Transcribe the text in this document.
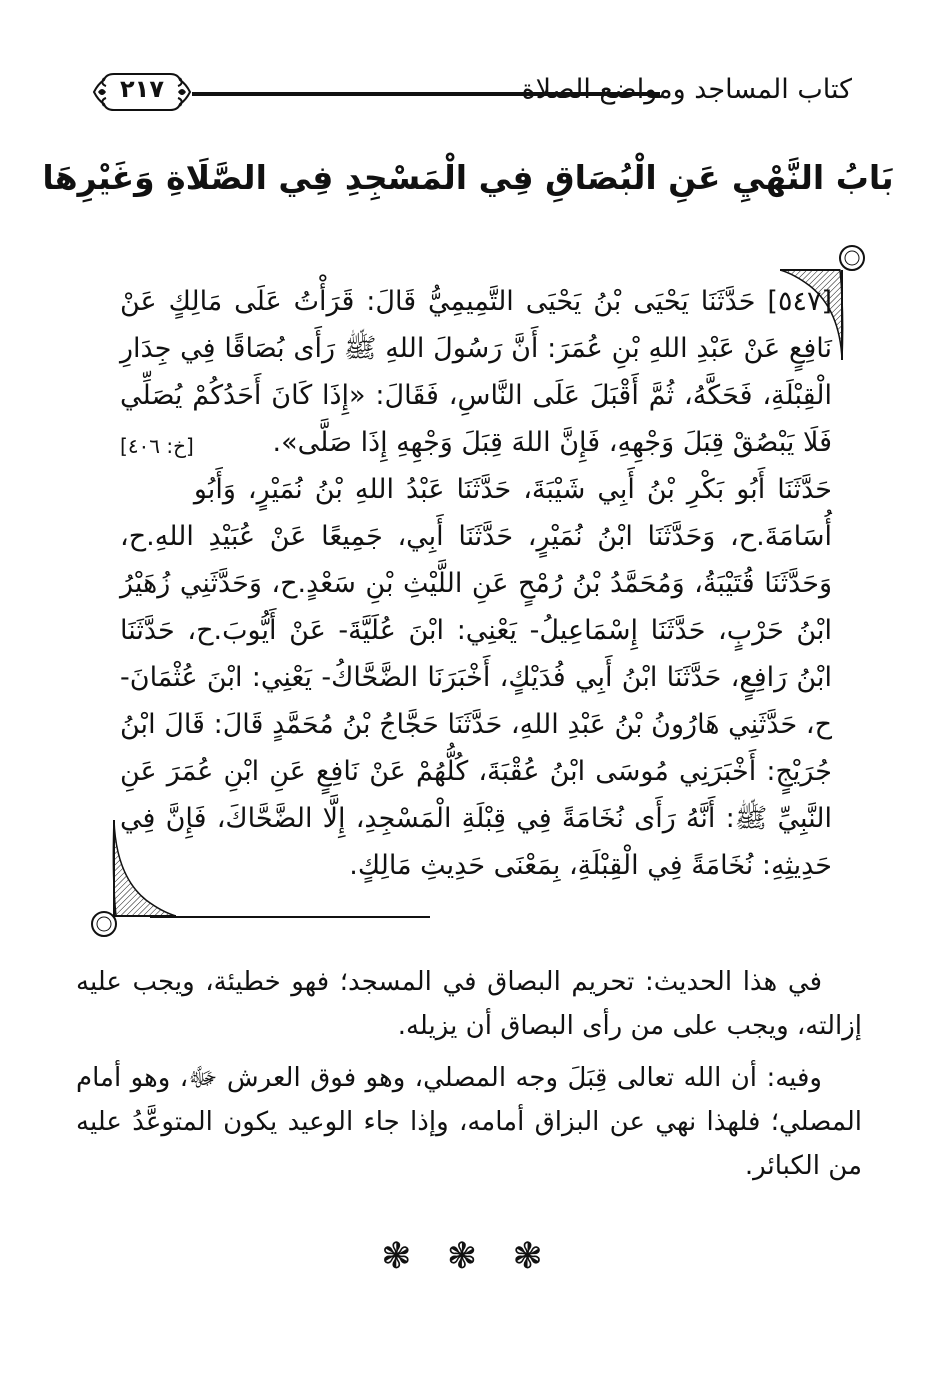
كتاب المساجد ومواضع الصلاة
٢١٧
بَابُ النَّهْيِ عَنِ الْبُصَاقِ فِي الْمَسْجِدِ فِي الصَّلَاةِ وَغَيْرِهَا

[٥٤٧] حَدَّثَنَا يَحْيَى بْنُ يَحْيَى التَّمِيمِيُّ قَالَ: قَرَأْتُ عَلَى مَالِكٍ عَنْ نَافِعٍ عَنْ عَبْدِ اللهِ بْنِ عُمَرَ: أَنَّ رَسُولَ اللهِ ﷺ رَأَى بُصَاقًا فِي جِدَارِ الْقِبْلَةِ، فَحَكَّهُ، ثُمَّ أَقْبَلَ عَلَى النَّاسِ، فَقَالَ: «إِذَا كَانَ أَحَدُكُمْ يُصَلِّي فَلَا يَبْصُقْ قِبَلَ وَجْهِهِ، فَإِنَّ اللهَ قِبَلَ وَجْهِهِ إِذَا صَلَّى».
[خ: ٤٠٦]

حَدَّثَنَا أَبُو بَكْرِ بْنُ أَبِي شَيْبَةَ، حَدَّثَنَا عَبْدُ اللهِ بْنُ نُمَيْرٍ، وَأَبُو أُسَامَةَ.ح، وَحَدَّثَنَا ابْنُ نُمَيْرٍ، حَدَّثَنَا أَبِي، جَمِيعًا عَنْ عُبَيْدِ اللهِ.ح، وَحَدَّثَنَا قُتَيْبَةُ، وَمُحَمَّدُ بْنُ رُمْحٍ عَنِ اللَّيْثِ بْنِ سَعْدٍ.ح، وَحَدَّثَنِي زُهَيْرُ ابْنُ حَرْبٍ، حَدَّثَنَا إِسْمَاعِيلُ- يَعْنِي: ابْنَ عُلَيَّةَ- عَنْ أَيُّوبَ.ح، حَدَّثَنَا ابْنُ رَافِعٍ، حَدَّثَنَا ابْنُ أَبِي فُدَيْكٍ، أَخْبَرَنَا الضَّحَّاكُ- يَعْنِي: ابْنَ عُثْمَانَ- ح، حَدَّثَنِي هَارُونُ بْنُ عَبْدِ اللهِ، حَدَّثَنَا حَجَّاجُ بْنُ مُحَمَّدٍ قَالَ: قَالَ ابْنُ جُرَيْجٍ: أَخْبَرَنِي مُوسَى ابْنُ عُقْبَةَ، كُلُّهُمْ عَنْ نَافِعٍ عَنِ ابْنِ عُمَرَ عَنِ النَّبِيِّ ﷺ: أَنَّهُ رَأَى نُخَامَةً فِي قِبْلَةِ الْمَسْجِدِ، إِلَّا الضَّحَّاكَ، فَإِنَّ فِي حَدِيثِهِ: نُخَامَةً فِي الْقِبْلَةِ، بِمَعْنَى حَدِيثِ مَالِكٍ.

في هذا الحديث: تحريم البصاق في المسجد؛ فهو خطيئة، ويجب عليه إزالته، ويجب على من رأى البصاق أن يزيله.

وفيه: أن الله تعالى قِبَلَ وجه المصلي، وهو فوق العرش ﷻ، وهو أمام المصلي؛ فلهذا نهي عن البزاق أمامه، وإذا جاء الوعيد يكون المتوعَّدُ عليه من الكبائر.

❃ ❃ ❃
